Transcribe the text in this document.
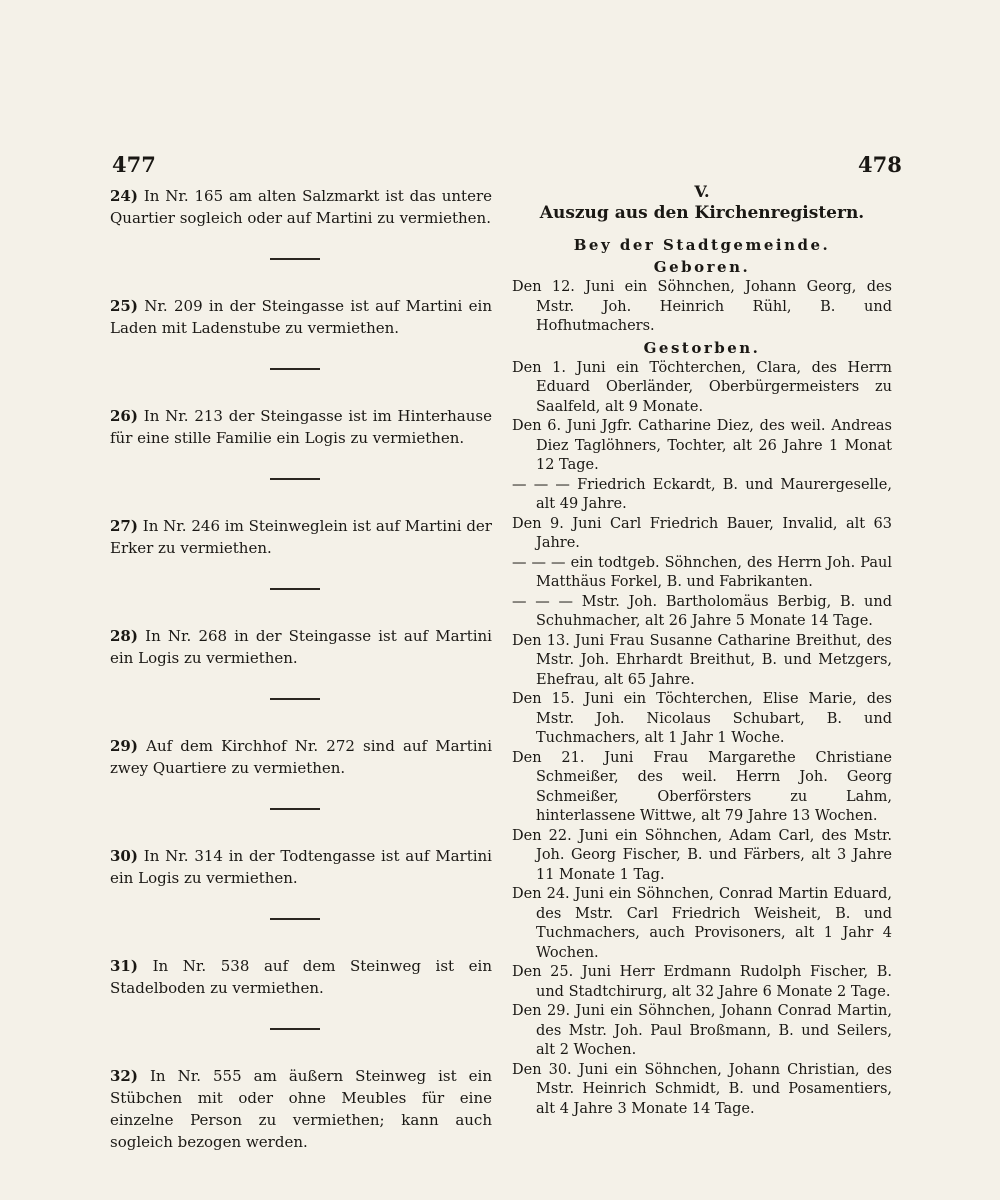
477	478

24) In Nr. 165 am alten Salzmarkt ist das untere Quartier sogleich oder auf Martini zu vermiethen.

25) Nr. 209 in der Steingasse ist auf Martini ein Laden mit Ladenstube zu vermiethen.

26) In Nr. 213 der Steingasse ist im Hinterhause für eine stille Familie ein Logis zu vermiethen.

27) In Nr. 246 im Steinweglein ist auf Martini der Erker zu vermiethen.

28) In Nr. 268 in der Steingasse ist auf Martini ein Logis zu vermiethen.

29) Auf dem Kirchhof Nr. 272 sind auf Martini zwey Quartiere zu vermiethen.

30) In Nr. 314 in der Todtengasse ist auf Martini ein Logis zu vermiethen.

31) In Nr. 538 auf dem Steinweg ist ein Stadelboden zu vermiethen.

32) In Nr. 555 am äußern Steinweg ist ein Stübchen mit oder ohne Meubles für eine einzelne Person zu vermiethen; kann auch sogleich bezogen werden.

V.
Auszug aus den Kirchenregistern.
Bey der Stadtgemeinde.
Geboren.

Den 12. Juni ein Söhnchen, Johann Georg, des Mstr. Joh. Heinrich Rühl, B. und Hofhutmachers.

Gestorben.

Den 1. Juni ein Töchterchen, Clara, des Herrn Eduard Oberländer, Oberbürgermeisters zu Saalfeld, alt 9 Monate.

Den 6. Juni Jgfr. Catharine Diez, des weil. Andreas Diez Taglöhners, Tochter, alt 26 Jahre 1 Monat 12 Tage.

— — — Friedrich Eckardt, B. und Maurergeselle, alt 49 Jahre.

Den 9. Juni Carl Friedrich Bauer, Invalid, alt 63 Jahre.

— — — ein todtgeb. Söhnchen, des Herrn Joh. Paul Matthäus Forkel, B. und Fabrikanten.

— — — Mstr. Joh. Bartholomäus Berbig, B. und Schuhmacher, alt 26 Jahre 5 Monate 14 Tage.

Den 13. Juni Frau Susanne Catharine Breithut, des Mstr. Joh. Ehrhardt Breithut, B. und Metzgers, Ehefrau, alt 65 Jahre.

Den 15. Juni ein Töchterchen, Elise Marie, des Mstr. Joh. Nicolaus Schubart, B. und Tuchmachers, alt 1 Jahr 1 Woche.

Den 21. Juni Frau Margarethe Christiane Schmeißer, des weil. Herrn Joh. Georg Schmeißer, Oberförsters zu Lahm, hinterlassene Wittwe, alt 79 Jahre 13 Wochen.

Den 22. Juni ein Söhnchen, Adam Carl, des Mstr. Joh. Georg Fischer, B. und Färbers, alt 3 Jahre 11 Monate 1 Tag.

Den 24. Juni ein Söhnchen, Conrad Martin Eduard, des Mstr. Carl Friedrich Weisheit, B. und Tuchmachers, auch Provisoners, alt 1 Jahr 4 Wochen.

Den 25. Juni Herr Erdmann Rudolph Fischer, B. und Stadtchirurg, alt 32 Jahre 6 Monate 2 Tage.

Den 29. Juni ein Söhnchen, Johann Conrad Martin, des Mstr. Joh. Paul Broßmann, B. und Seilers, alt 2 Wochen.

Den 30. Juni ein Söhnchen, Johann Christian, des Mstr. Heinrich Schmidt, B. und Posamentiers, alt 4 Jahre 3 Monate 14 Tage.
